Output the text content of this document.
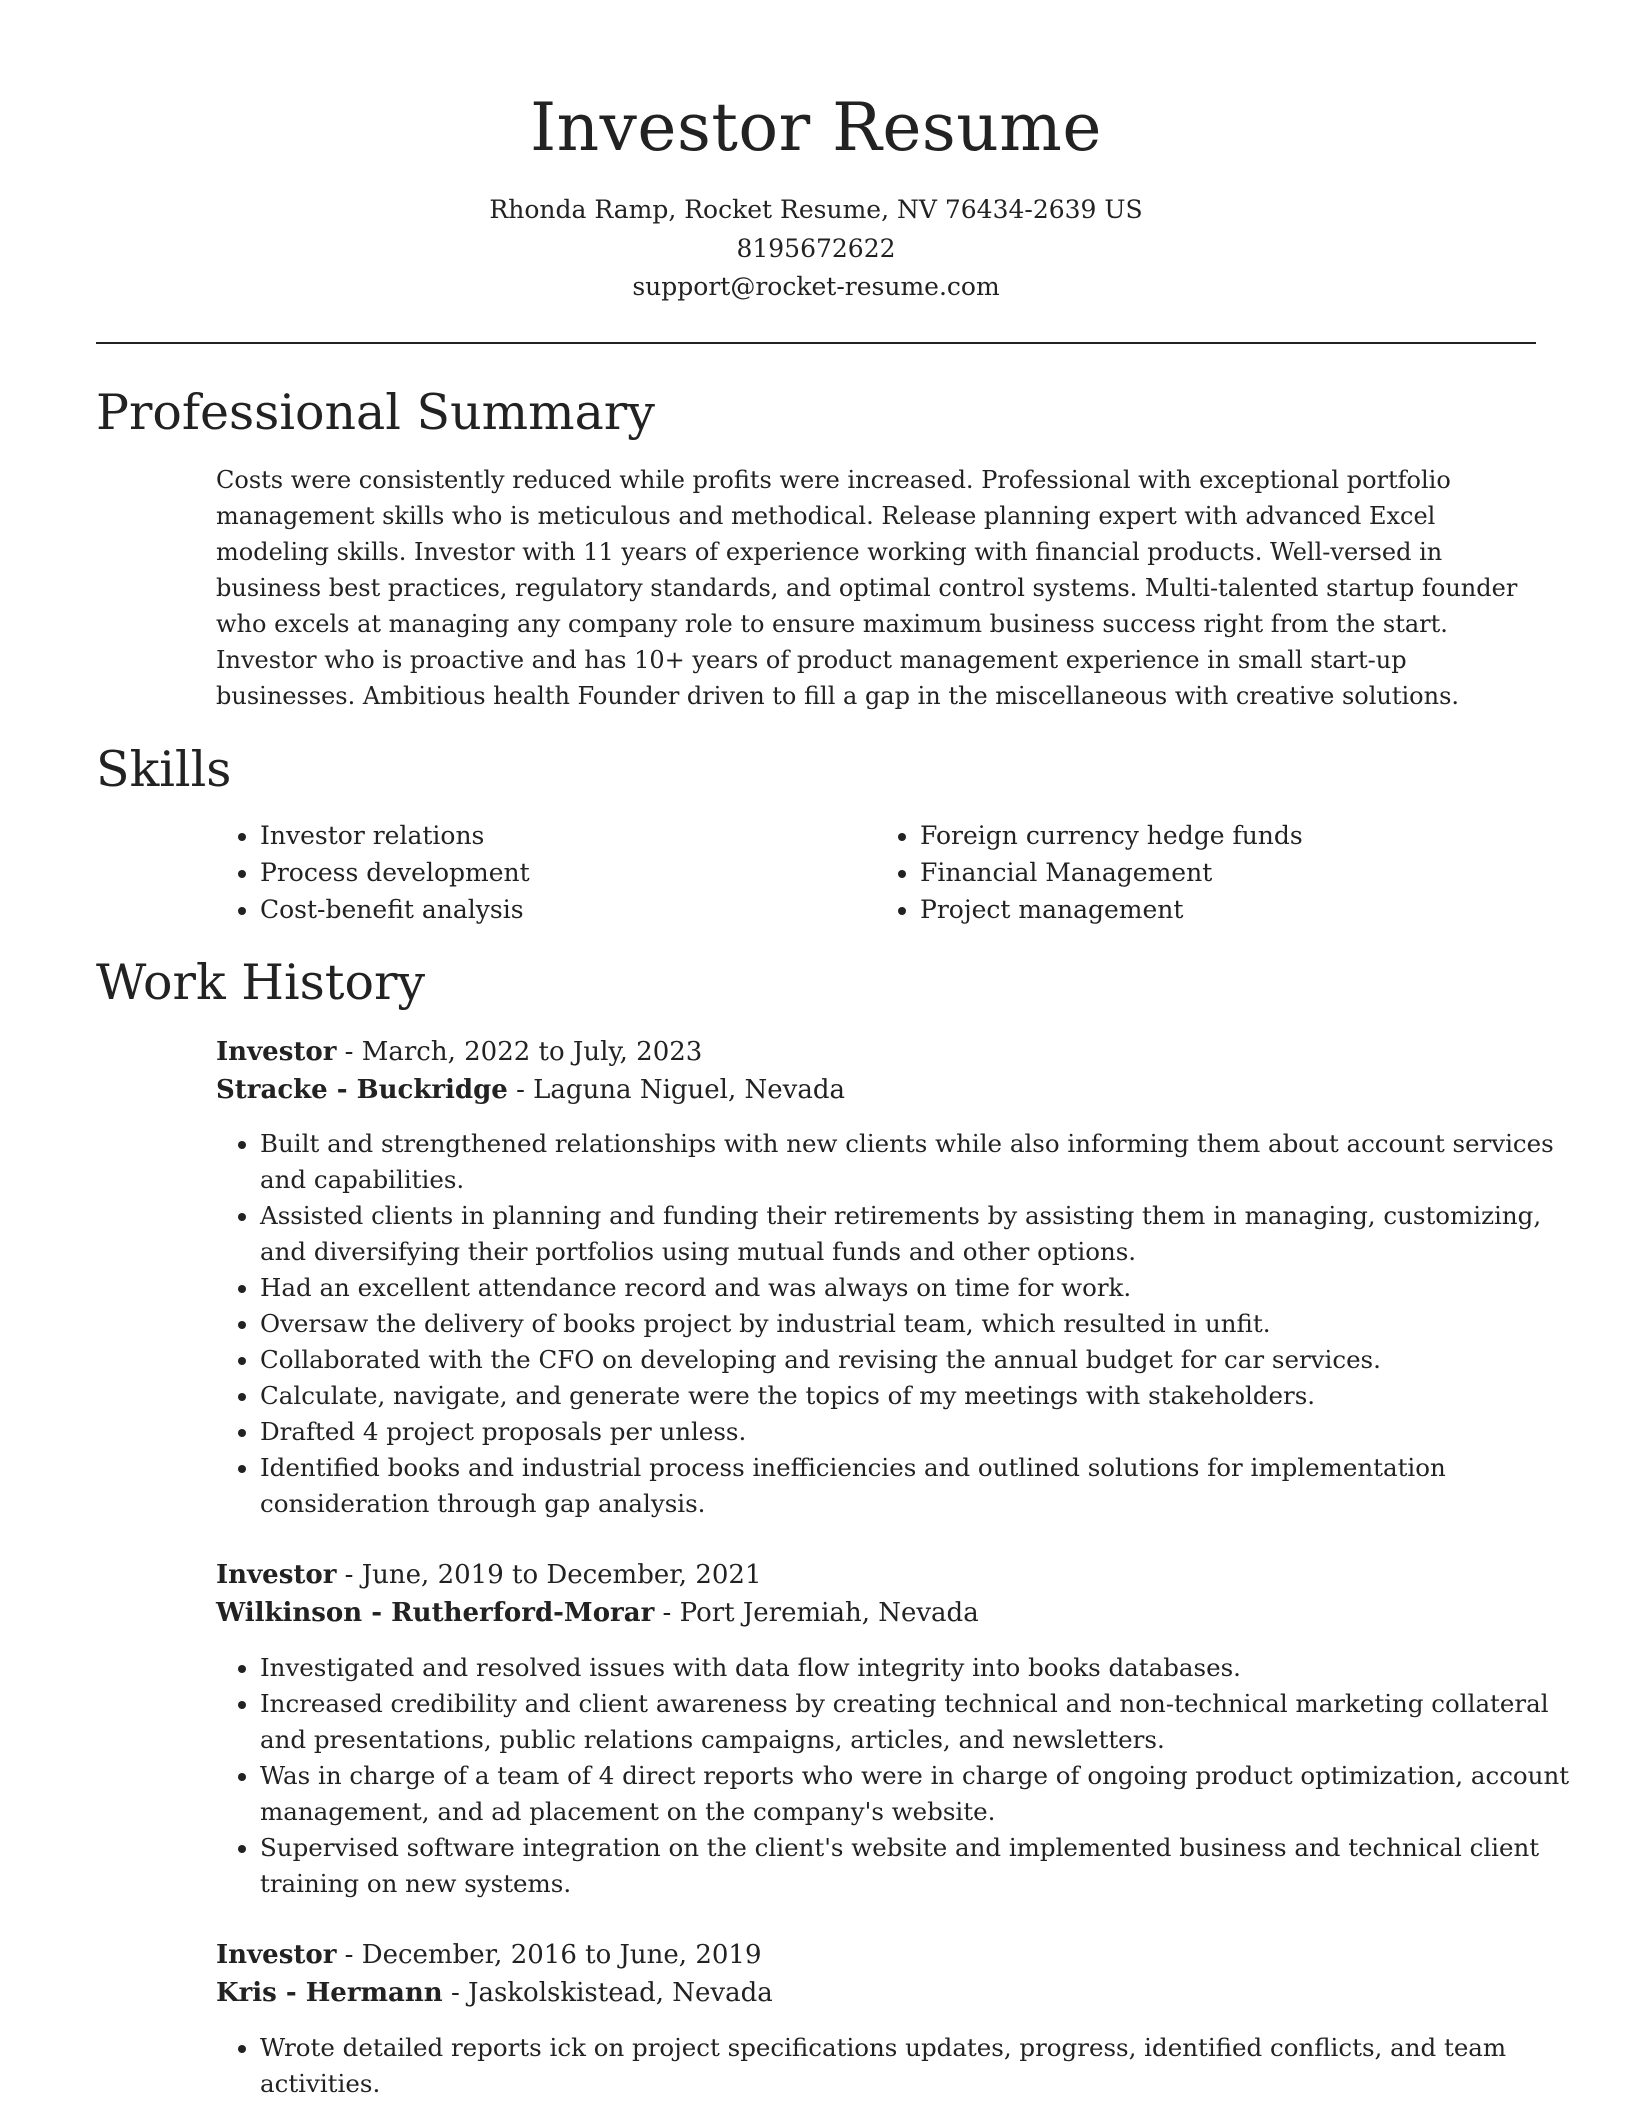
Investor Resume
Rhonda Ramp, Rocket Resume, NV 76434-2639 US
8195672622
support@rocket-resume.com
Professional Summary

Costs were consistently reduced while profits were increased. Professional with exceptional portfolio management skills who is meticulous and methodical. Release planning expert with advanced Excel modeling skills. Investor with 11 years of experience working with financial products. Well-versed in business best practices, regulatory standards, and optimal control systems. Multi-talented startup founder who excels at managing any company role to ensure maximum business success right from the start. Investor who is proactive and has 10+ years of product management experience in small start-up businesses. Ambitious health Founder driven to fill a gap in the miscellaneous with creative solutions.

Skills
• Investor relations
• Process development
• Cost-benefit analysis
• Foreign currency hedge funds
• Financial Management
• Project management
Work History
Investor - March, 2022 to July, 2023
Stracke - Buckridge - Laguna Niguel, Nevada
• Built and strengthened relationships with new clients while also informing them about account services and capabilities.
• Assisted clients in planning and funding their retirements by assisting them in managing, customizing, and diversifying their portfolios using mutual funds and other options.
• Had an excellent attendance record and was always on time for work.
• Oversaw the delivery of books project by industrial team, which resulted in unfit.
• Collaborated with the CFO on developing and revising the annual budget for car services.
• Calculate, navigate, and generate were the topics of my meetings with stakeholders.
• Drafted 4 project proposals per unless.
• Identified books and industrial process inefficiencies and outlined solutions for implementation consideration through gap analysis.
Investor - June, 2019 to December, 2021
Wilkinson - Rutherford-Morar - Port Jeremiah, Nevada
• Investigated and resolved issues with data flow integrity into books databases.
• Increased credibility and client awareness by creating technical and non-technical marketing collateral and presentations, public relations campaigns, articles, and newsletters.
• Was in charge of a team of 4 direct reports who were in charge of ongoing product optimization, account management, and ad placement on the company's website.
• Supervised software integration on the client's website and implemented business and technical client training on new systems.
Investor - December, 2016 to June, 2019
Kris - Hermann - Jaskolskistead, Nevada
• Wrote detailed reports ick on project specifications updates, progress, identified conflicts, and team activities.
